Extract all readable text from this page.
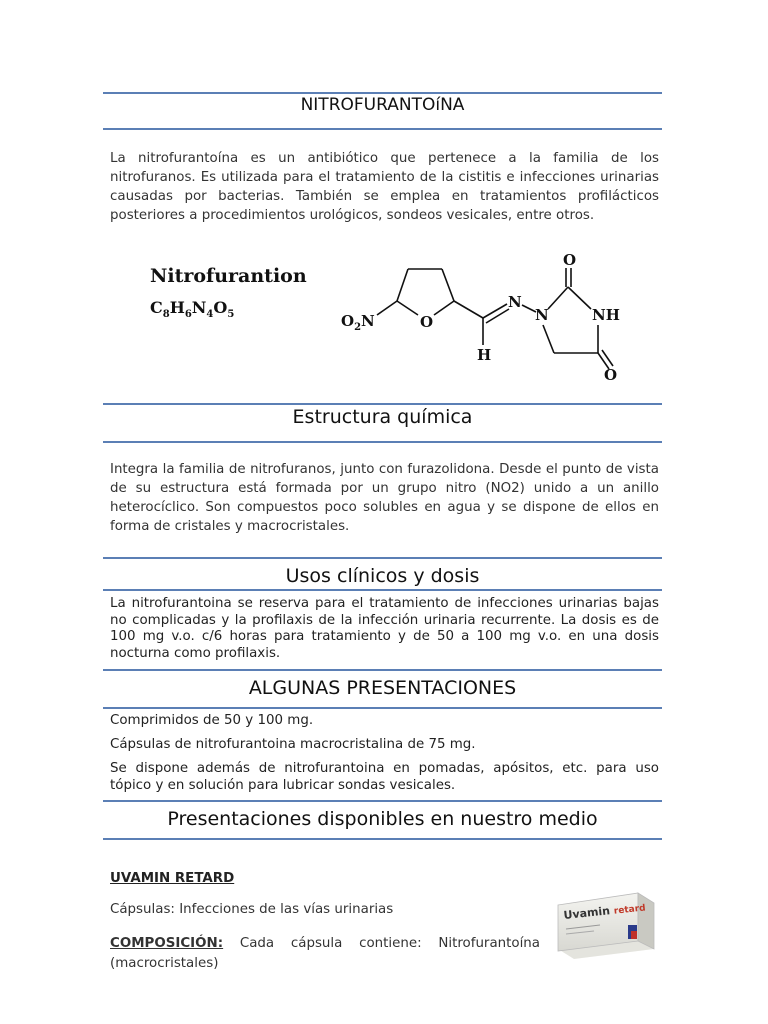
NITROFURANTOíNA

La nitrofurantoína es un antibiótico que pertenece a la familia de los nitrofuranos. Es utilizada para el tratamiento de la cistitis e infecciones urinarias causadas por bacterias. También se emplea en tratamientos profilácticos posteriores a procedimientos urológicos, sondeos vesicales, entre otros.

Nitrofurantion
$C_8H_6N_4O_5$	$O_2N$	O
N
N
H
NH
O
O
Estructura química

Integra la familia de nitrofuranos, junto con furazolidona. Desde el punto de vista de su estructura está formada por un grupo nitro (NO2) unido a un anillo heterocíclico. Son compuestos poco solubles en agua y se dispone de ellos en forma de cristales y macrocristales.

Usos clínicos y dosis

La nitrofurantoina se reserva para el tratamiento de infecciones urinarias bajas no complicadas y la profilaxis de la infección urinaria recurrente. La dosis es de 100 mg v.o. c/6 horas para tratamiento y de 50 a 100 mg v.o. en una dosis nocturna como profilaxis.

ALGUNAS PRESENTACIONES

Comprimidos de 50 y 100 mg.

Cápsulas de nitrofurantoina macrocristalina de 75 mg.

Se dispone además de nitrofurantoina en pomadas, apósitos, etc. para uso tópico y en solución para lubricar sondas vesicales.

Presentaciones disponibles en nuestro medio
UVAMIN RETARD
Cápsulas: Infecciones de las vías urinarias

COMPOSICIÓN: Cada cápsula contiene: Nitrofurantoína (macrocristales)

Uvamin retard
